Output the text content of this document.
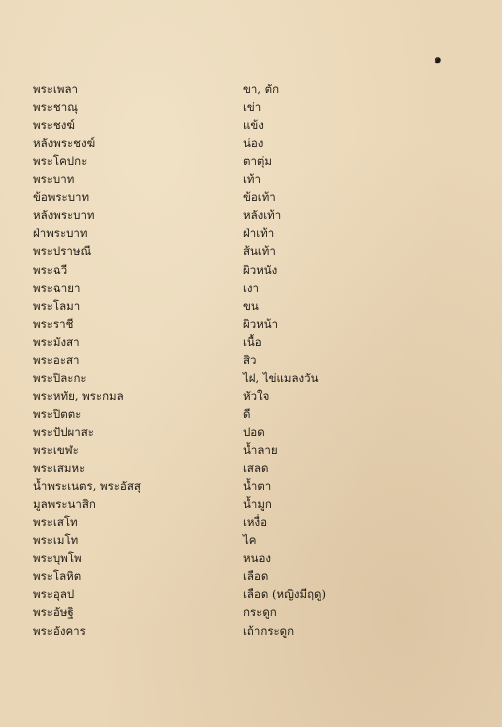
๑
พระเพลา	ขา, ตัก
พระชาณุ	เข่า
พระชงฆ์	แข้ง
หลังพระชงฆ์	น่อง
พระโคปกะ	ตาตุ่ม
พระบาท	เท้า
ข้อพระบาท	ข้อเท้า
หลังพระบาท	หลังเท้า
ฝ่าพระบาท	ฝ่าเท้า
พระปราษณี	ส้นเท้า
พระฉวี	ผิวหนัง
พระฉายา	เงา
พระโลมา	ขน
พระราชี	ผิวหน้า
พระมังสา	เนื้อ
พระอะสา	สิว
พระปิละกะ	ไฝ, ไข่แมลงวัน
พระหทัย, พระกมล	หัวใจ
พระปิตตะ	ดี
พระปัปผาสะ	ปอด
พระเขฬะ	น้ำลาย
พระเสมหะ	เสลด
น้ำพระเนตร, พระอัสสุ	น้ำตา
มูลพระนาสิก	น้ำมูก
พระเสโท	เหงื่อ
พระเมโท	ไค
พระบุพโพ	หนอง
พระโลหิต	เลือด
พระอุลป	เลือด (หญิงมีฤดู)
พระอัษฐิ	กระดูก
พระอังคาร	เถ้ากระดูก
